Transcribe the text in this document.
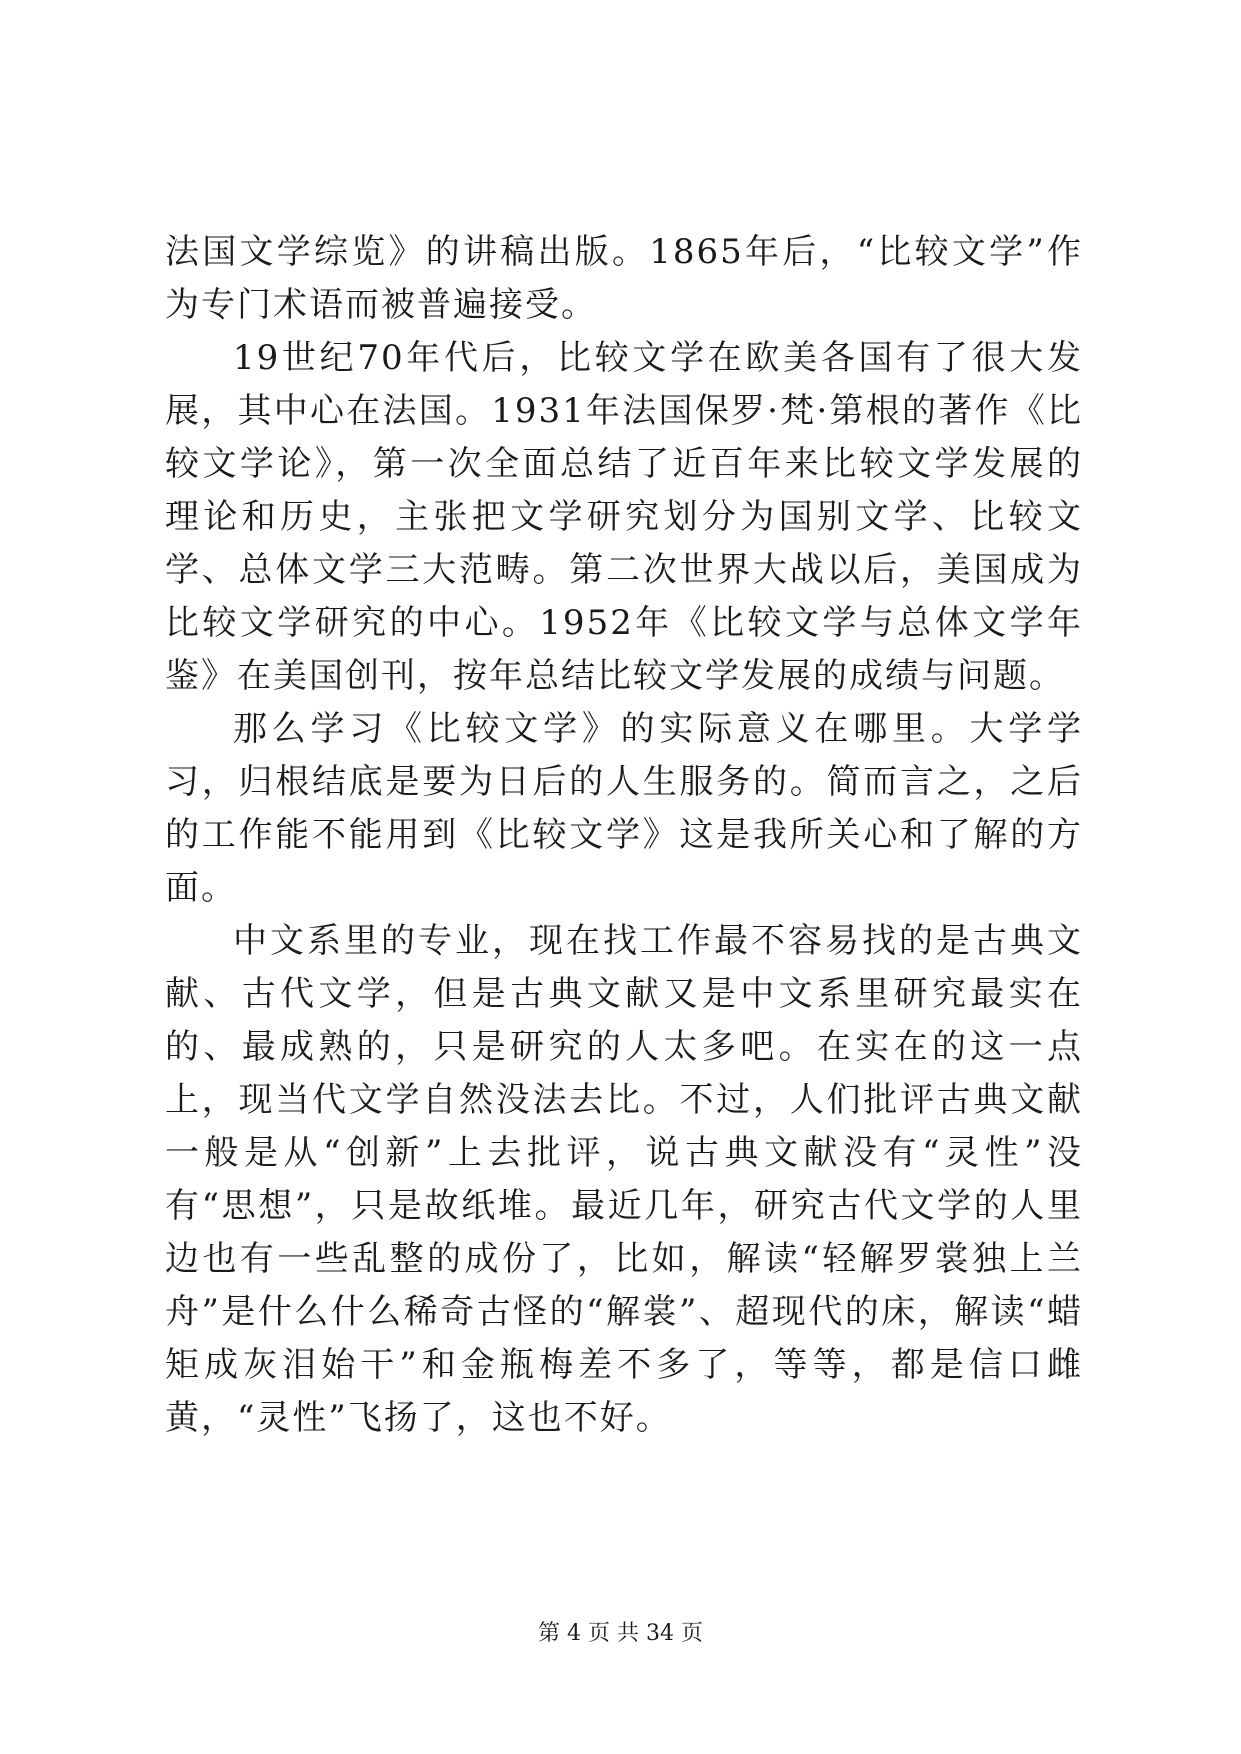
法国文学综览》的讲稿出版。1865年后，“比较文学”作为专门术语而被普遍接受。

19世纪70年代后，比较文学在欧美各国有了很大发展，其中心在法国。1931年法国保罗·梵·第根的著作《比较文学论》，第一次全面总结了近百年来比较文学发展的理论和历史，主张把文学研究划分为国别文学、比较文学、总体文学三大范畴。第二次世界大战以后，美国成为比较文学研究的中心。1952年《比较文学与总体文学年鉴》在美国创刊，按年总结比较文学发展的成绩与问题。

那么学习《比较文学》的实际意义在哪里。大学学习，归根结底是要为日后的人生服务的。简而言之，之后的工作能不能用到《比较文学》这是我所关心和了解的方面。

中文系里的专业，现在找工作最不容易找的是古典文献、古代文学，但是古典文献又是中文系里研究最实在的、最成熟的，只是研究的人太多吧。在实在的这一点上，现当代文学自然没法去比。不过，人们批评古典文献一般是从“创新”上去批评，说古典文献没有“灵性”没有“思想”，只是故纸堆。最近几年，研究古代文学的人里边也有一些乱整的成份了，比如，解读“轻解罗裳独上兰舟”是什么什么稀奇古怪的“解裳”、超现代的床，解读“蜡矩成灰泪始干”和金瓶梅差不多了，等等，都是信口雌黄，“灵性”飞扬了，这也不好。

第 4 页 共 34 页
